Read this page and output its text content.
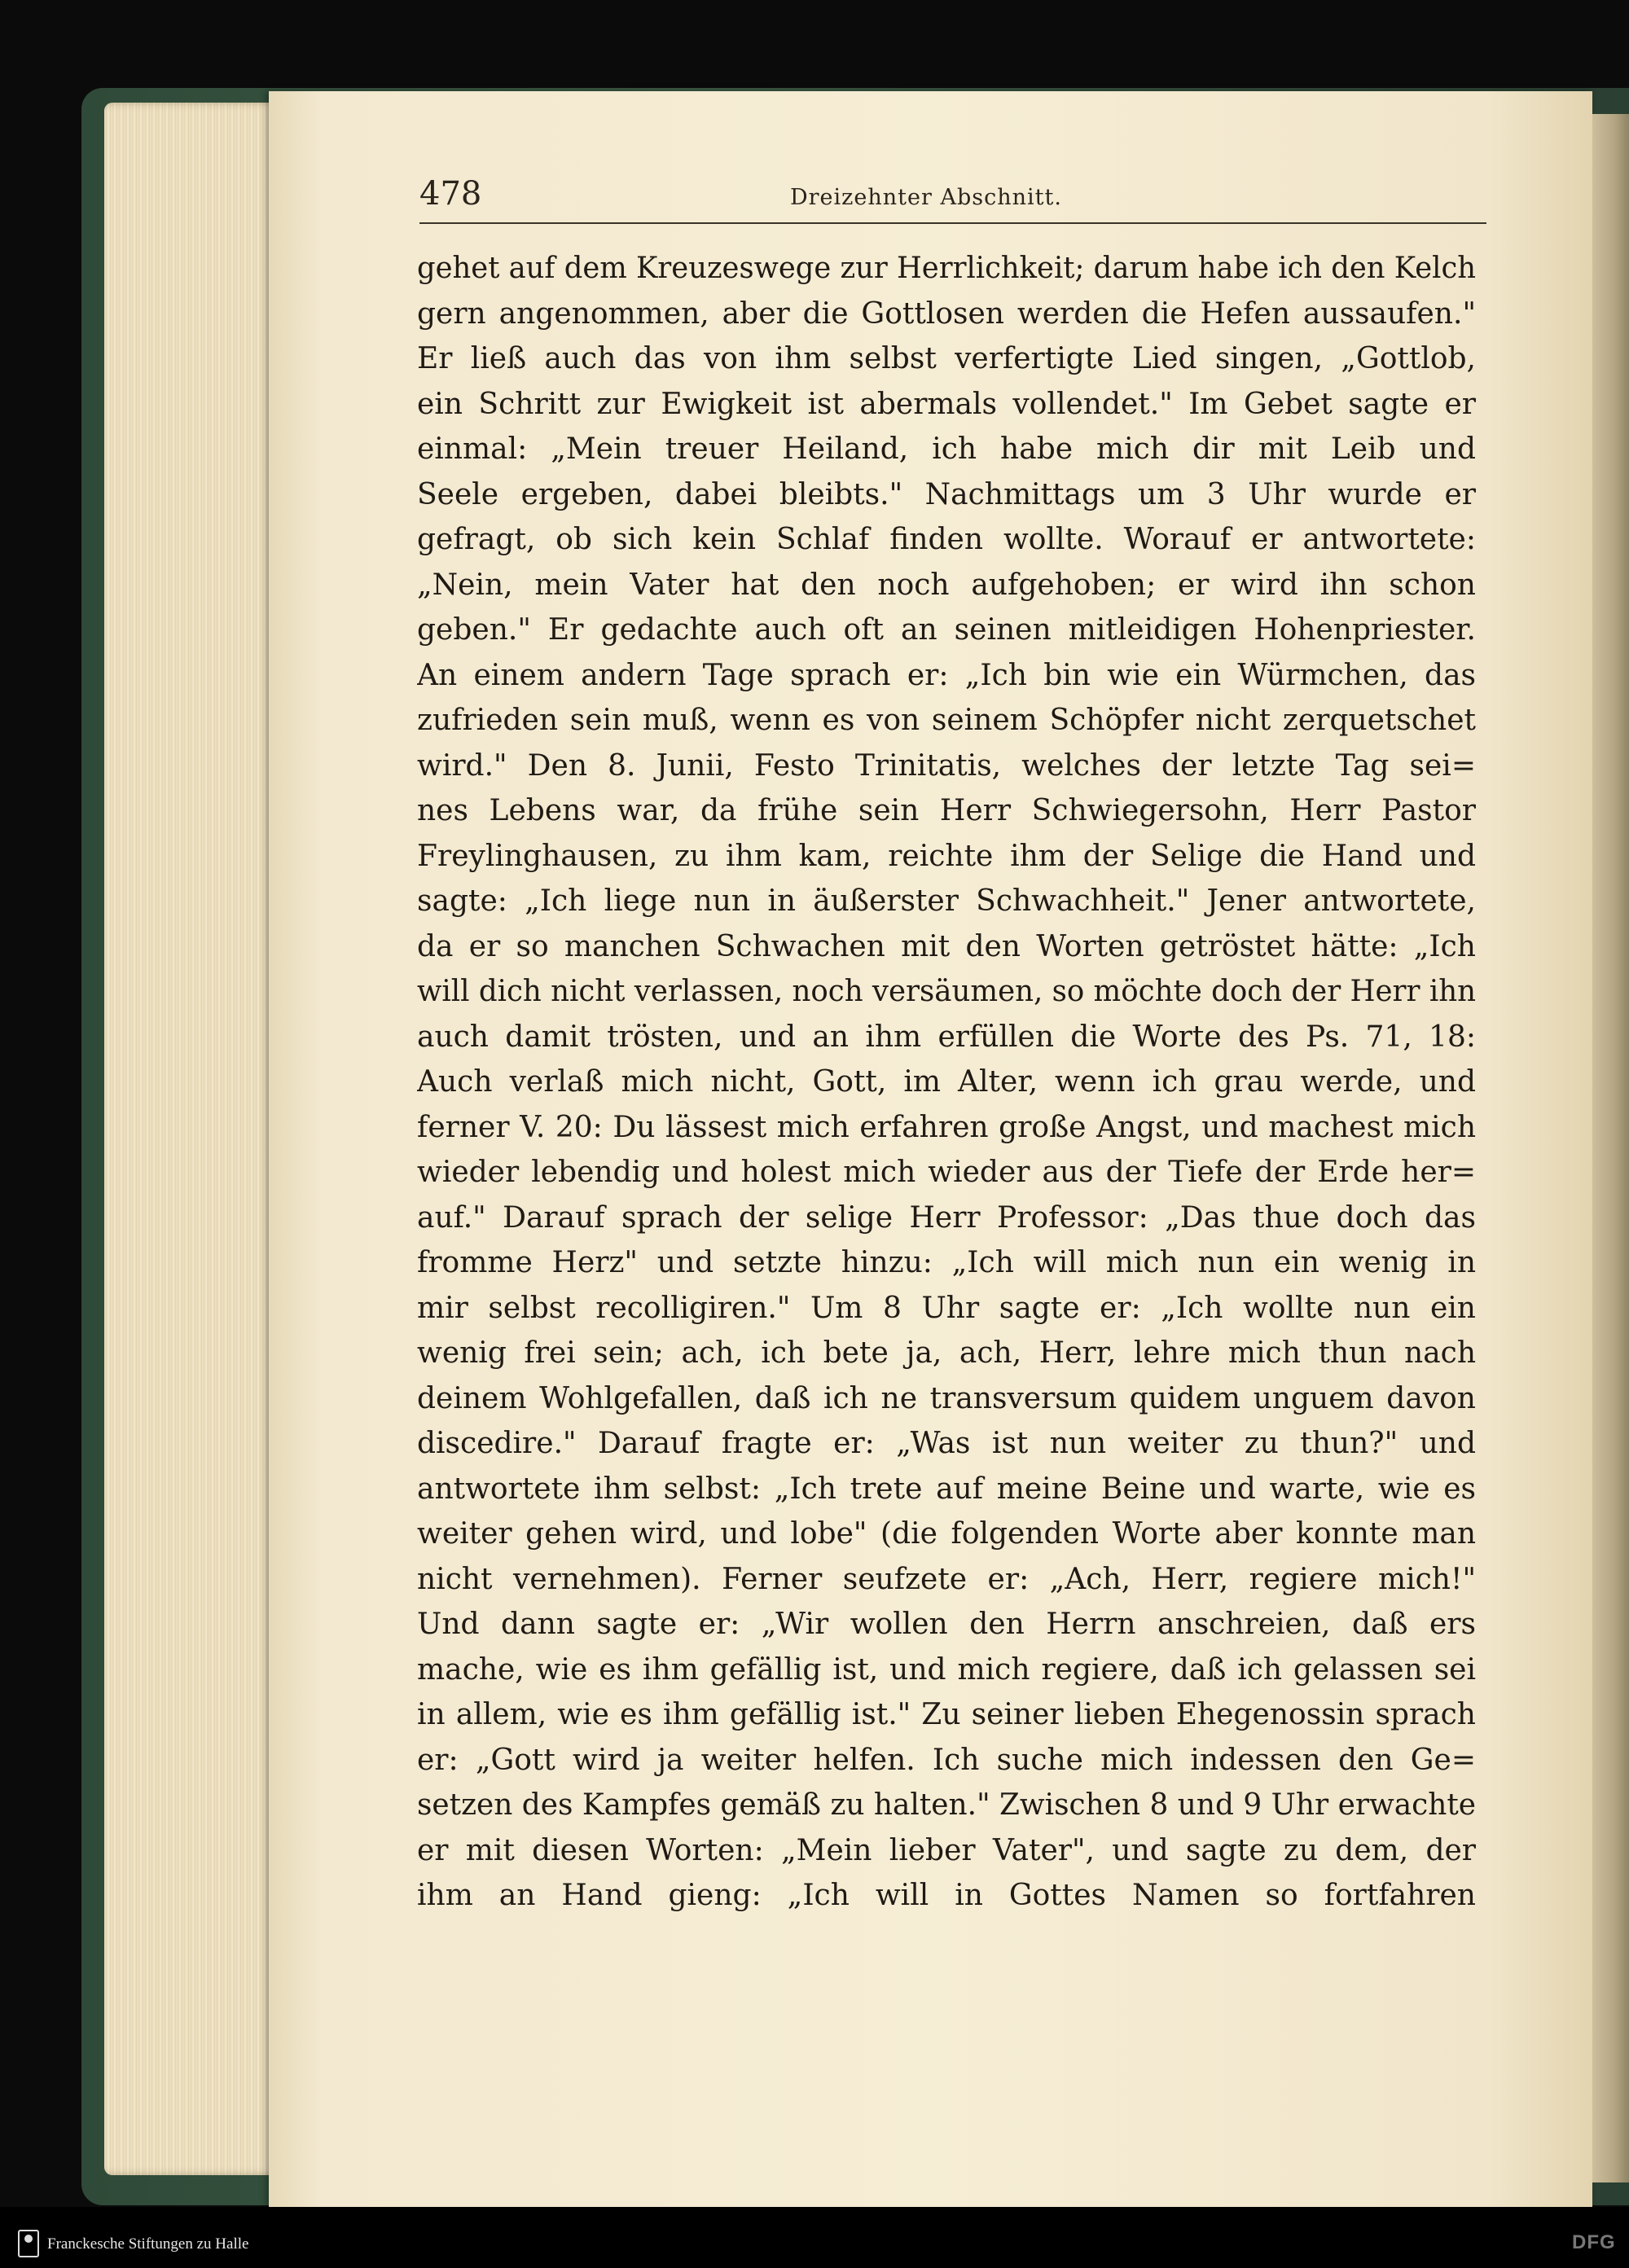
478	Dreizehnter Abschnitt.
gehet auf dem Kreuzeswege zur Herrlichkeit; darum habe ich den Kelch
gern angenommen, aber die Gottlosen werden die Hefen aussaufen."
Er ließ auch das von ihm selbst verfertigte Lied singen, „Gottlob,
ein Schritt zur Ewigkeit ist abermals vollendet." Im Gebet sagte er
einmal: „Mein treuer Heiland, ich habe mich dir mit Leib und
Seele ergeben, dabei bleibts." Nachmittags um 3 Uhr wurde er
gefragt, ob sich kein Schlaf finden wollte. Worauf er antwortete:
„Nein, mein Vater hat den noch aufgehoben; er wird ihn schon
geben." Er gedachte auch oft an seinen mitleidigen Hohenpriester.
An einem andern Tage sprach er: „Ich bin wie ein Würmchen, das
zufrieden sein muß, wenn es von seinem Schöpfer nicht zerquetschet
wird." Den 8. Junii, Festo Trinitatis, welches der letzte Tag sei=
nes Lebens war, da frühe sein Herr Schwiegersohn, Herr Pastor
Freylinghausen, zu ihm kam, reichte ihm der Selige die Hand und
sagte: „Ich liege nun in äußerster Schwachheit." Jener antwortete,
da er so manchen Schwachen mit den Worten getröstet hätte: „Ich
will dich nicht verlassen, noch versäumen, so möchte doch der Herr ihn
auch damit trösten, und an ihm erfüllen die Worte des Ps. 71, 18:
Auch verlaß mich nicht, Gott, im Alter, wenn ich grau werde, und
ferner V. 20: Du lässest mich erfahren große Angst, und machest mich
wieder lebendig und holest mich wieder aus der Tiefe der Erde her=
auf." Darauf sprach der selige Herr Professor: „Das thue doch das
fromme Herz" und setzte hinzu: „Ich will mich nun ein wenig in
mir selbst recolligiren." Um 8 Uhr sagte er: „Ich wollte nun ein
wenig frei sein; ach, ich bete ja, ach, Herr, lehre mich thun nach
deinem Wohlgefallen, daß ich ne transversum quidem unguem davon
discedire." Darauf fragte er: „Was ist nun weiter zu thun?" und
antwortete ihm selbst: „Ich trete auf meine Beine und warte, wie es
weiter gehen wird, und lobe" (die folgenden Worte aber konnte man
nicht vernehmen). Ferner seufzete er: „Ach, Herr, regiere mich!"
Und dann sagte er: „Wir wollen den Herrn anschreien, daß ers
mache, wie es ihm gefällig ist, und mich regiere, daß ich gelassen sei
in allem, wie es ihm gefällig ist." Zu seiner lieben Ehegenossin sprach
er: „Gott wird ja weiter helfen. Ich suche mich indessen den Ge=
setzen des Kampfes gemäß zu halten." Zwischen 8 und 9 Uhr erwachte
er mit diesen Worten: „Mein lieber Vater", und sagte zu dem, der
ihm an Hand gieng: „Ich will in Gottes Namen so fortfahren
Franckesche Stiftungen zu Halle	DFG
